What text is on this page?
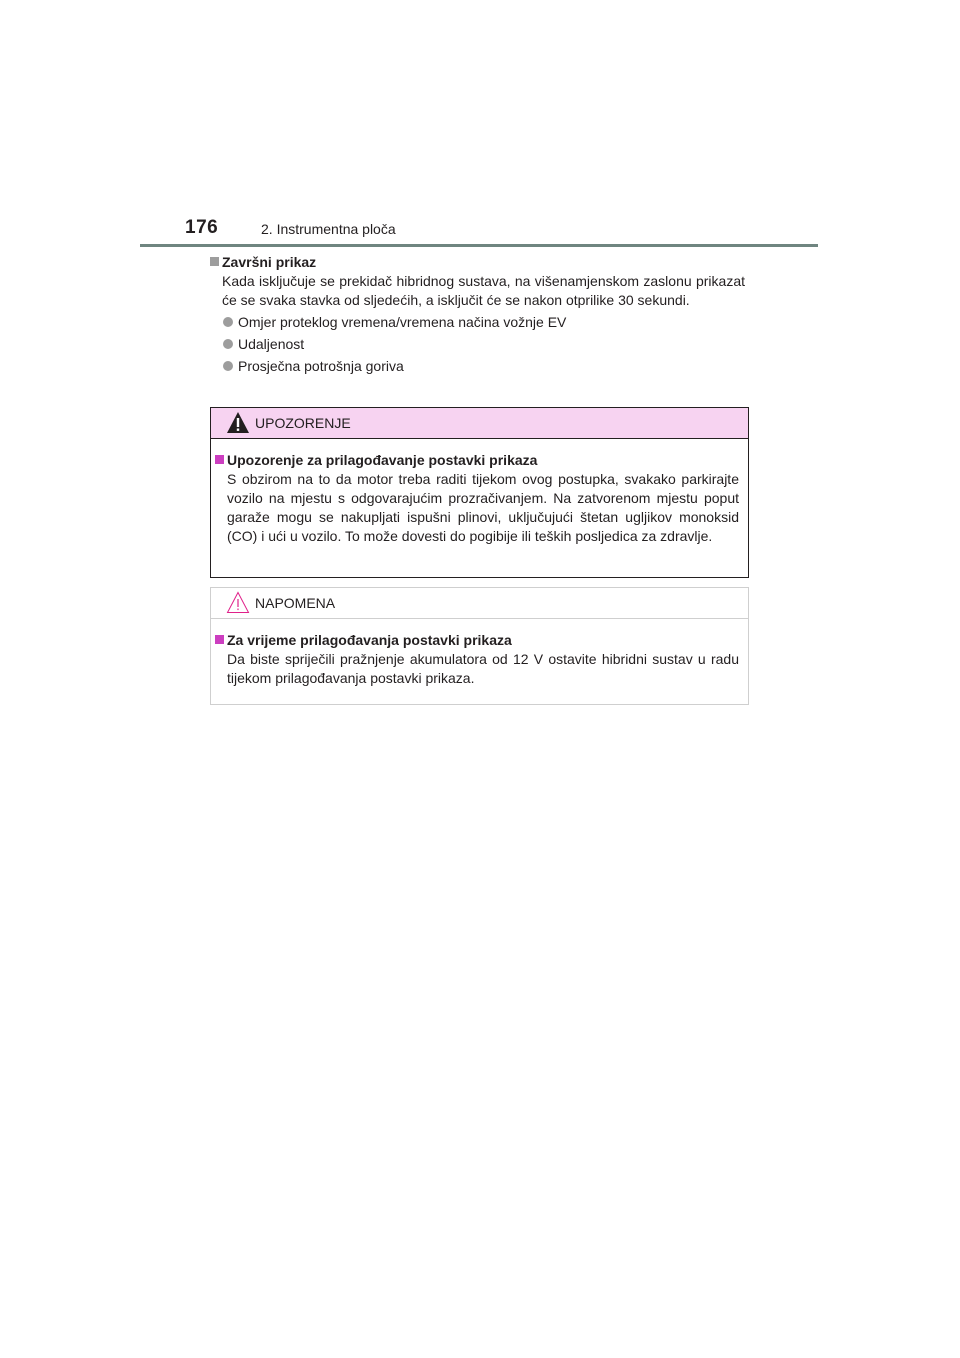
176	2. Instrumentna ploča
Završni prikaz

Kada isključuje se prekidač hibridnog sustava, na višenamjenskom zaslonu prikazat će se svaka stavka od sljedećih, a isključit će se nakon otprilike 30 sekundi.

Omjer proteklog vremena/vremena načina vožnje EV
Udaljenost
Prosječna potrošnja goriva
UPOZORENJE
Upozorenje za prilagođavanje postavki prikaza

S obzirom na to da motor treba raditi tijekom ovog postupka, svakako parkirajte vozilo na mjestu s odgovarajućim prozračivanjem. Na zatvorenom mjestu poput garaže mogu se nakupljati ispušni plinovi, uključujući štetan ugljikov monoksid (CO) i ući u vozilo. To može dovesti do pogibije ili teških posljedica za zdravlje.

NAPOMENA
Za vrijeme prilagođavanja postavki prikaza

Da biste spriječili pražnjenje akumulatora od 12 V ostavite hibridni sustav u radu tijekom prilagođavanja postavki prikaza.
